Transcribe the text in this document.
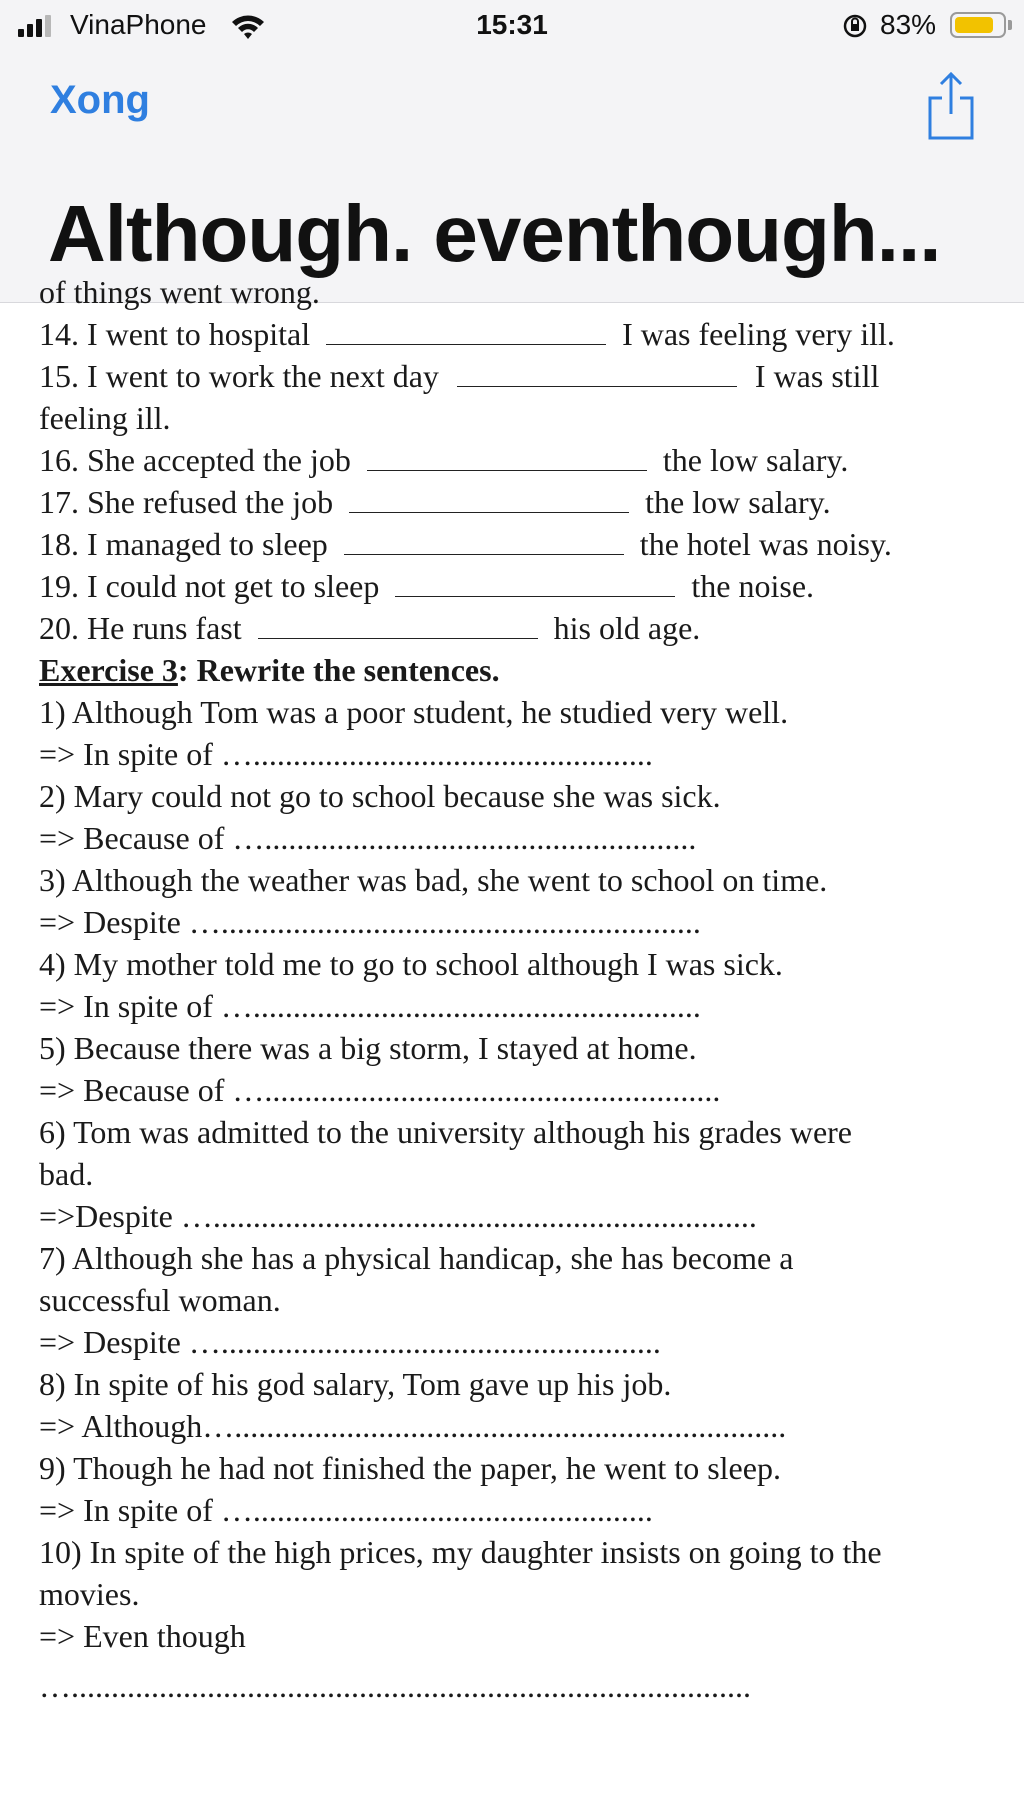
VinaPhone	15:31	83%
Xong
Although. eventhough...
of things went wrong.
14. I went to hospital	I was feeling very ill.
15. I went to work the next day	I was still
feeling ill.
16. She accepted the job	the low salary.
17. She refused the job	the low salary.
18. I managed to sleep	the hotel was noisy.
19. I could not get to sleep	the noise.
20. He runs fast	his old age.
Exercise 3: Rewrite the sentences.
1) Although Tom was a poor student, he studied very well.
=> In spite of …..................................................
2) Mary could not go to school because she was sick.
=> Because of …......................................................
3) Although the weather was bad, she went to school on time.
=> Despite …............................................................
4) My mother told me to go to school although I was sick.
=> In spite of …........................................................
5) Because there was a big storm, I stayed at home.
=> Because of ….........................................................
6) Tom was admitted to the university although his grades were
bad.
=>Despite …....................................................................
7) Although she has a physical handicap, she has become a
successful woman.
=> Despite ….......................................................
8) In spite of his god salary, Tom gave up his job.
=> Although….....................................................................
9) Though he had not finished the paper, he went to sleep.
=> In spite of …..................................................
10) In spite of the high prices, my daughter insists on going to the
movies.
=> Even though
….....................................................................................
